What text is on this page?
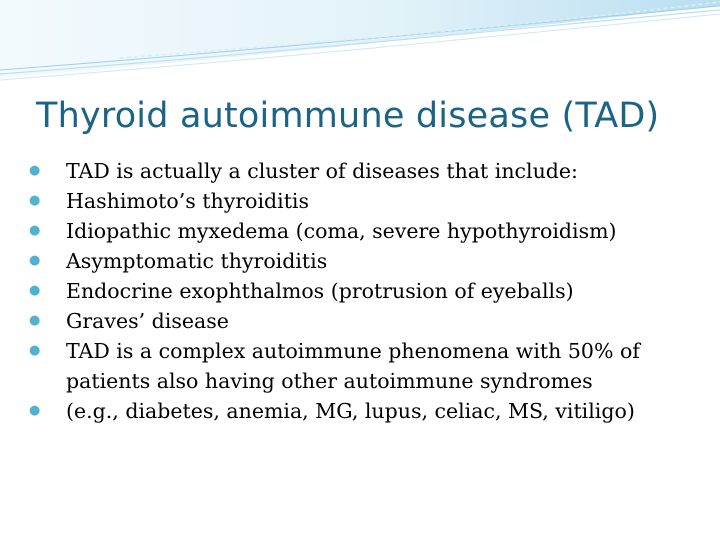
Thyroid autoimmune disease (TAD)
● TAD is actually a cluster of diseases that include:
● Hashimoto’s thyroiditis
● Idiopathic myxedema (coma, severe hypothyroidism)
● Asymptomatic thyroiditis
● Endocrine exophthalmos (protrusion of eyeballs)
● Graves’ disease
● TAD is a complex autoimmune phenomena with 50% of patients also having other autoimmune syndromes
● (e.g., diabetes, anemia, MG, lupus, celiac, MS, vitiligo)
